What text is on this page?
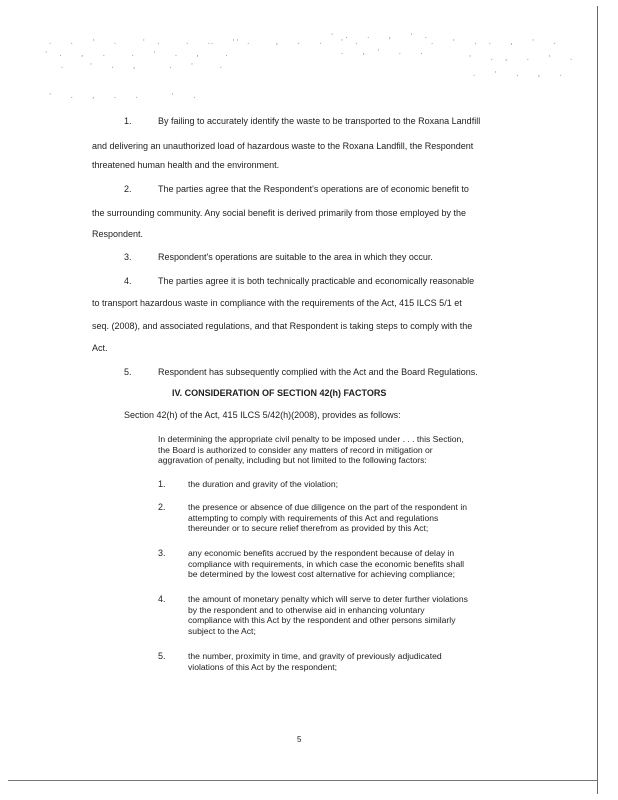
.  .  '  .   ' .   .  .   '
' .  ,  .   .  '  .  ,   .
.   '  .  ,    .  '   .
'  .  ,  .  .    '  .
.  ' .   ,  .  .  ' .
' .  .  ,  ' .
.  , '  .  .
.  '  . .  ,  '  .
'  . ,  .  '  .
.  '  .  ,  .
1.	By failing to accurately identify the waste to be transported to the Roxana Landfill
and delivering an unauthorized load of hazardous waste to the Roxana Landfill, the Respondent
threatened human health and the environment.
2.	The parties agree that the Respondent's operations are of economic benefit to
the surrounding community. Any social benefit is derived primarily from those employed by the
Respondent.
3.	Respondent's operations are suitable to the area in which they occur.
4.	The parties agree it is both technically practicable and economically reasonable
to transport hazardous waste in compliance with the requirements of the Act, 415 ILCS 5/1 et
seq. (2008), and associated regulations, and that Respondent is taking steps to comply with the
Act.
5.	Respondent has subsequently complied with the Act and the Board Regulations.
IV. CONSIDERATION OF SECTION 42(h) FACTORS
Section 42(h) of the Act, 415 ILCS 5/42(h)(2008), provides as follows:
In determining the appropriate civil penalty to be imposed under . . . this Section,
the Board is authorized to consider any matters of record in mitigation or
aggravation of penalty, including but not limited to the following factors:
1.	the duration and gravity of the violation;
2.	the presence or absence of due diligence on the part of the respondent in
attempting to comply with requirements of this Act and regulations
thereunder or to secure relief therefrom as provided by this Act;
3.	any economic benefits accrued by the respondent because of delay in
compliance with requirements, in which case the economic benefits shall
be determined by the lowest cost alternative for achieving compliance;
4.	the amount of monetary penalty which will serve to deter further violations
by the respondent and to otherwise aid in enhancing voluntary
compliance with this Act by the respondent and other persons similarly
subject to the Act;
5.	the number, proximity in time, and gravity of previously adjudicated
violations of this Act by the respondent;
5
